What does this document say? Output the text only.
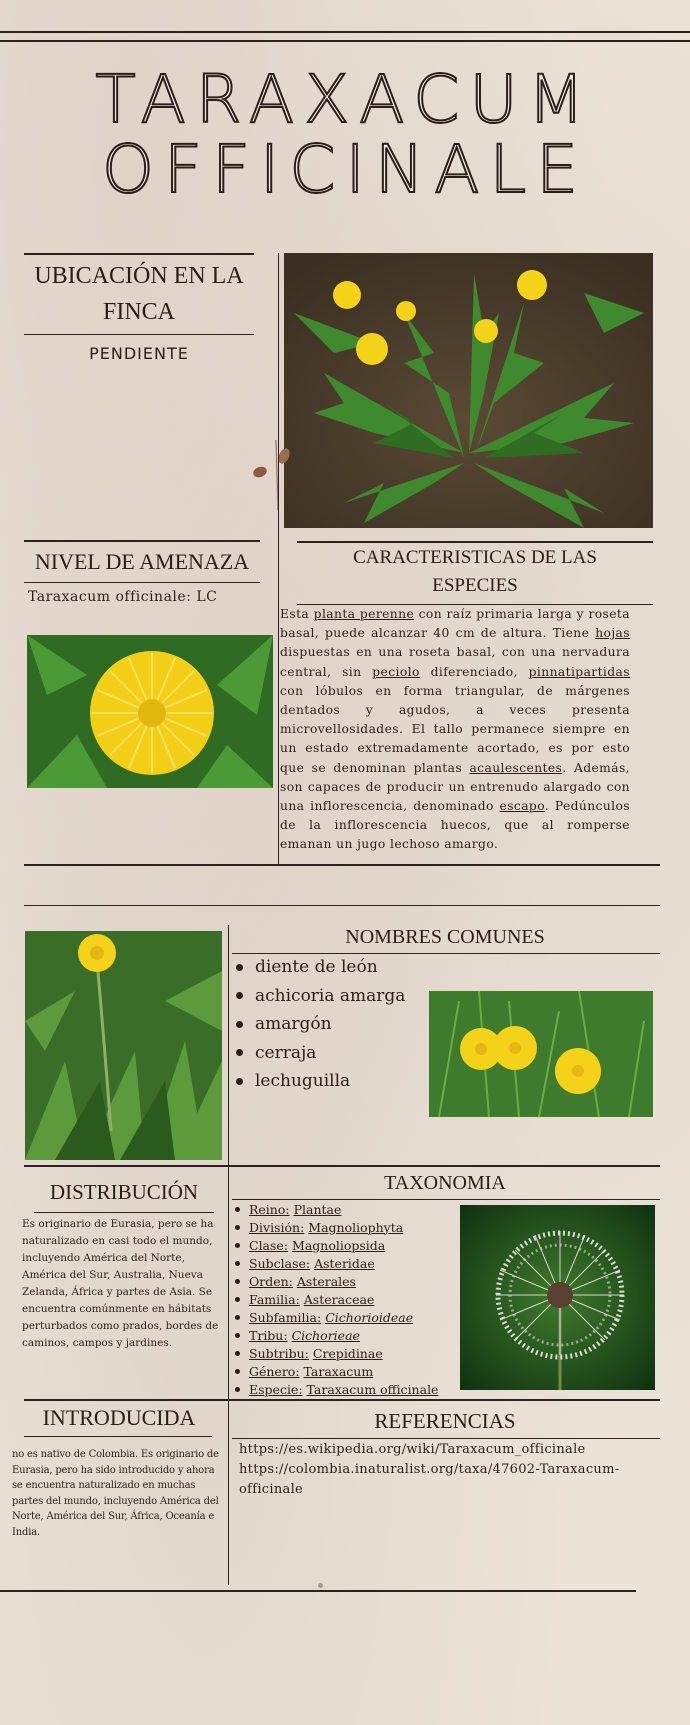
TARAXACUM
OFFICINALE
UBICACIÓN EN LA FINCA
PENDIENTE
NIVEL DE AMENAZA
Taraxacum officinale: LC
CARACTERISTICAS DE LAS ESPECIES
Esta planta perenne con raíz primaria larga y roseta basal, puede alcanzar 40 cm de altura. Tiene hojas dispuestas en una roseta basal, con una nervadura central, sin peciolo diferenciado, pinnatipartidas con lóbulos en forma triangular, de márgenes dentados y agudos, a veces presenta microvellosidades. El tallo permanece siempre en un estado extremadamente acortado, es por esto que se denominan plantas acaulescentes. Además, son capaces de producir un entrenudo alargado con una inflorescencia, denominado escapo. Pedúnculos de la inflorescencia huecos, que al romperse emanan un jugo lechoso amargo.
NOMBRES COMUNES
diente de león
achicoria amarga
amargón
cerraja
lechuguilla
DISTRIBUCIÓN
Es originario de Eurasia, pero se ha naturalizado en casi todo el mundo, incluyendo América del Norte, América del Sur, Australia, Nueva Zelanda, África y partes de Asia. Se encuentra comúnmente en hábitats perturbados como prados, bordes de caminos, campos y jardines.
TAXONOMIA
Reino:
Plantae
División:
Magnoliophyta
Clase:
Magnoliopsida
Subclase:
Asteridae
Orden:
Asterales
Familia:
Asteraceae
Subfamilia:
Cichorioideae
Tribu:
Cichorieae
Subtribu:
Crepidinae
Género:
Taraxacum
Especie:
Taraxacum officinale
INTRODUCIDA
no es nativo de Colombia. Es originario de Eurasia, pero ha sido introducido y ahora se encuentra naturalizado en muchas partes del mundo, incluyendo América del Norte, América del Sur, África, Oceanía e India.
REFERENCIAS
https://es.wikipedia.org/wiki/Taraxacum_officinale
https://colombia.inaturalist.org/taxa/47602-Taraxacum-officinale
